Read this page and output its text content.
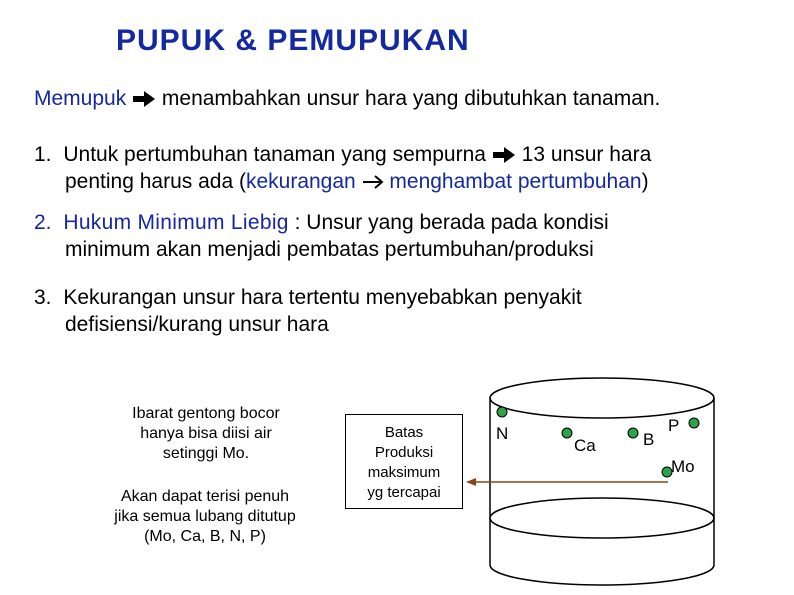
PUPUK & PEMUPUKAN
Memupuk menambahkan unsur hara yang dibutuhkan tanaman.
1. Untuk pertumbuhan tanaman yang sempurna 13 unsur hara
penting harus ada (kekurangan menghambat pertumbuhan)
2. Hukum Minimum Liebig : Unsur yang berada pada kondisi
minimum akan menjadi pembatas pertumbuhan/produksi
3. Kekurangan unsur hara tertentu menyebabkan penyakit
defisiensi/kurang unsur hara
Ibarat gentong bocor
hanya bisa diisi air
setinggi Mo.
Akan dapat terisi penuh
jika semua lubang ditutup
(Mo, Ca, B, N, P)
Batas
Produksi
maksimum
yg tercapai
N
Ca	B
P
Mo
